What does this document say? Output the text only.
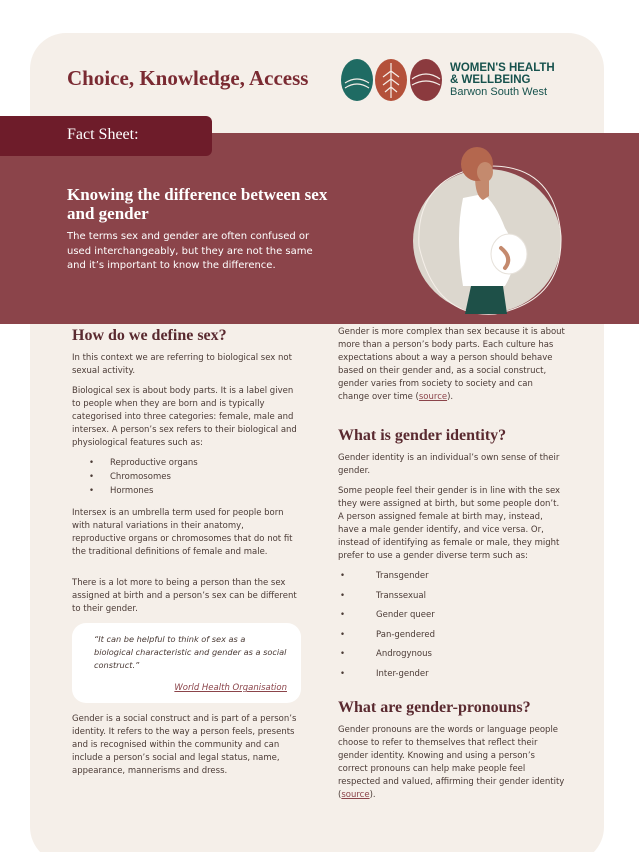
Choice, Knowledge, Access	WOMEN'S HEALTH
& WELLBEING
Barwon South West
Fact Sheet:
Knowing the difference between sex and gender

The terms sex and gender are often confused or used interchangeably, but they are not the same and it’s important to know the difference.

How do we define sex?

In this context we are referring to biological sex not sexual activity.

Biological sex is about body parts. It is a label given to people when they are born and is typically categorised into three categories: female, male and intersex. A person’s sex refers to their biological and physiological features such as:

• Reproductive organs
• Chromosomes
• Hormones

Intersex is an umbrella term used for people born with natural variations in their anatomy, reproductive organs or chromosomes that do not fit the traditional definitions of female and male.

There is a lot more to being a person than the sex assigned at birth and a person’s sex can be different to their gender.

“It can be helpful to think of sex as a biological characteristic and gender as a social construct.”

World Health Organisation

Gender is a social construct and is part of a person’s identity. It refers to the way a person feels, presents and is recognised within the community and can include a person’s social and legal status, name, appearance, mannerisms and dress.

Gender is more complex than sex because it is about more than a person’s body parts. Each culture has expectations about a way a person should behave based on their gender and, as a social construct, gender varies from society to society and can change over time (source).

What is gender identity?

Gender identity is an individual’s own sense of their gender.

Some people feel their gender is in line with the sex they were assigned at birth, but some people don’t. A person assigned female at birth may, instead, have a male gender identify, and vice versa. Or, instead of identifying as female or male, they might prefer to use a gender diverse term such as:

• Transgender
• Transsexual
• Gender queer
• Pan-gendered
• Androgynous
• Inter-gender
What are gender-pronouns?

Gender pronouns are the words or language people choose to refer to themselves that reflect their gender identity. Knowing and using a person’s correct pronouns can help make people feel respected and valued, affirming their gender identity (source).
